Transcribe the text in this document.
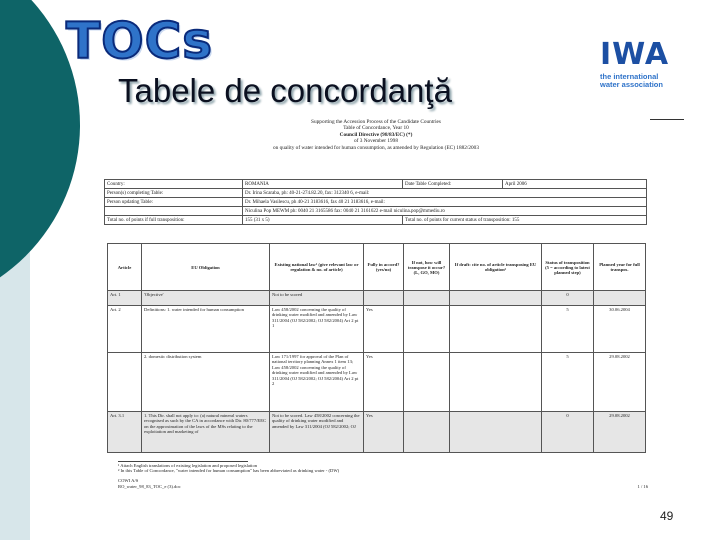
TOCs
Tabele de concordanţă
IWA
the international
water association
Supporting the Accession Process of the Candidate Countries
Table of Concordance, Year 10
Council Directive (98/83/EC) (*)
of 3 November 1998
on quality of water intended for human consumption, as amended by Regulation (EC) 1882/2003
Country:	ROMANIA	Date Table Completed:	April 2006
Person(s) completing Table:	Dr. Irina Scaraba, ph: 40-21-274.82.20, fax: 312340 6, e-mail:		
Person updating Table:	Dr. Mihaela Vasilescu, ph 40-21 3183616, fax 40 21 3183616, e-mail:		
	Niculina Pop MEWM ph: 0040 21 3165586 fax: 0040 21 3161622 e-mail niculina.pop@mmediu.ro		
Total no. of points if full transposition:	155 (31 x 5)	Total no. of points for current status of transposition: 155	
Article	EU Obligation	Existing national law¹ (give relevant law or regulation & no. of article)	Fully in accord? (yes/no)	If not, how will transpose it occur? (L, GO, MO)	If draft: cite no. of article transposing EU obligation²	Status of transposition (5 = according to latest planned step)	Planned year for full transpos.
Art. 1	'Objective'	Not to be scored				0	
Art. 2	Definitions: 1. water intended for human consumption	Law 458/2002 concerning the quality of drinking water modified and amended by Law 311/2004 (OJ 582/2002; OJ 582/2004) Art 2 pt 1	Yes			5	30.06.2004
	2. domestic distribution system	Law 171/1997 for approval of the Plan of national territory planning Annex 1 item 13; Law 458/2002 concerning the quality of drinking water modified and amended by Law 311/2004 (OJ 582/2002; OJ 582/2004) Art 2 pt 2	Yes			5	29.08.2002
Art. 3.1	1. This Dir. shall not apply to: (a) natural mineral waters recognised as such by the CA in accordance with Dir. 80/777/EEC on the approximation of the laws of the MSs relating to the exploitation and marketing of	Not to be scored. Law 458/2002 concerning the quality of drinking water modified and amended by Law 311/2004 (OJ 582/2002; OJ	Yes			0	29.08.2002
¹ Attach English translations of existing legislation and proposed legislation
² In this Table of Concordance, "water intended for human consumption" has been abbreviated as drinking water - (DW)
COWI A/S
RO_water_98_83_TOC_e (3).doc	1 / 16
49
